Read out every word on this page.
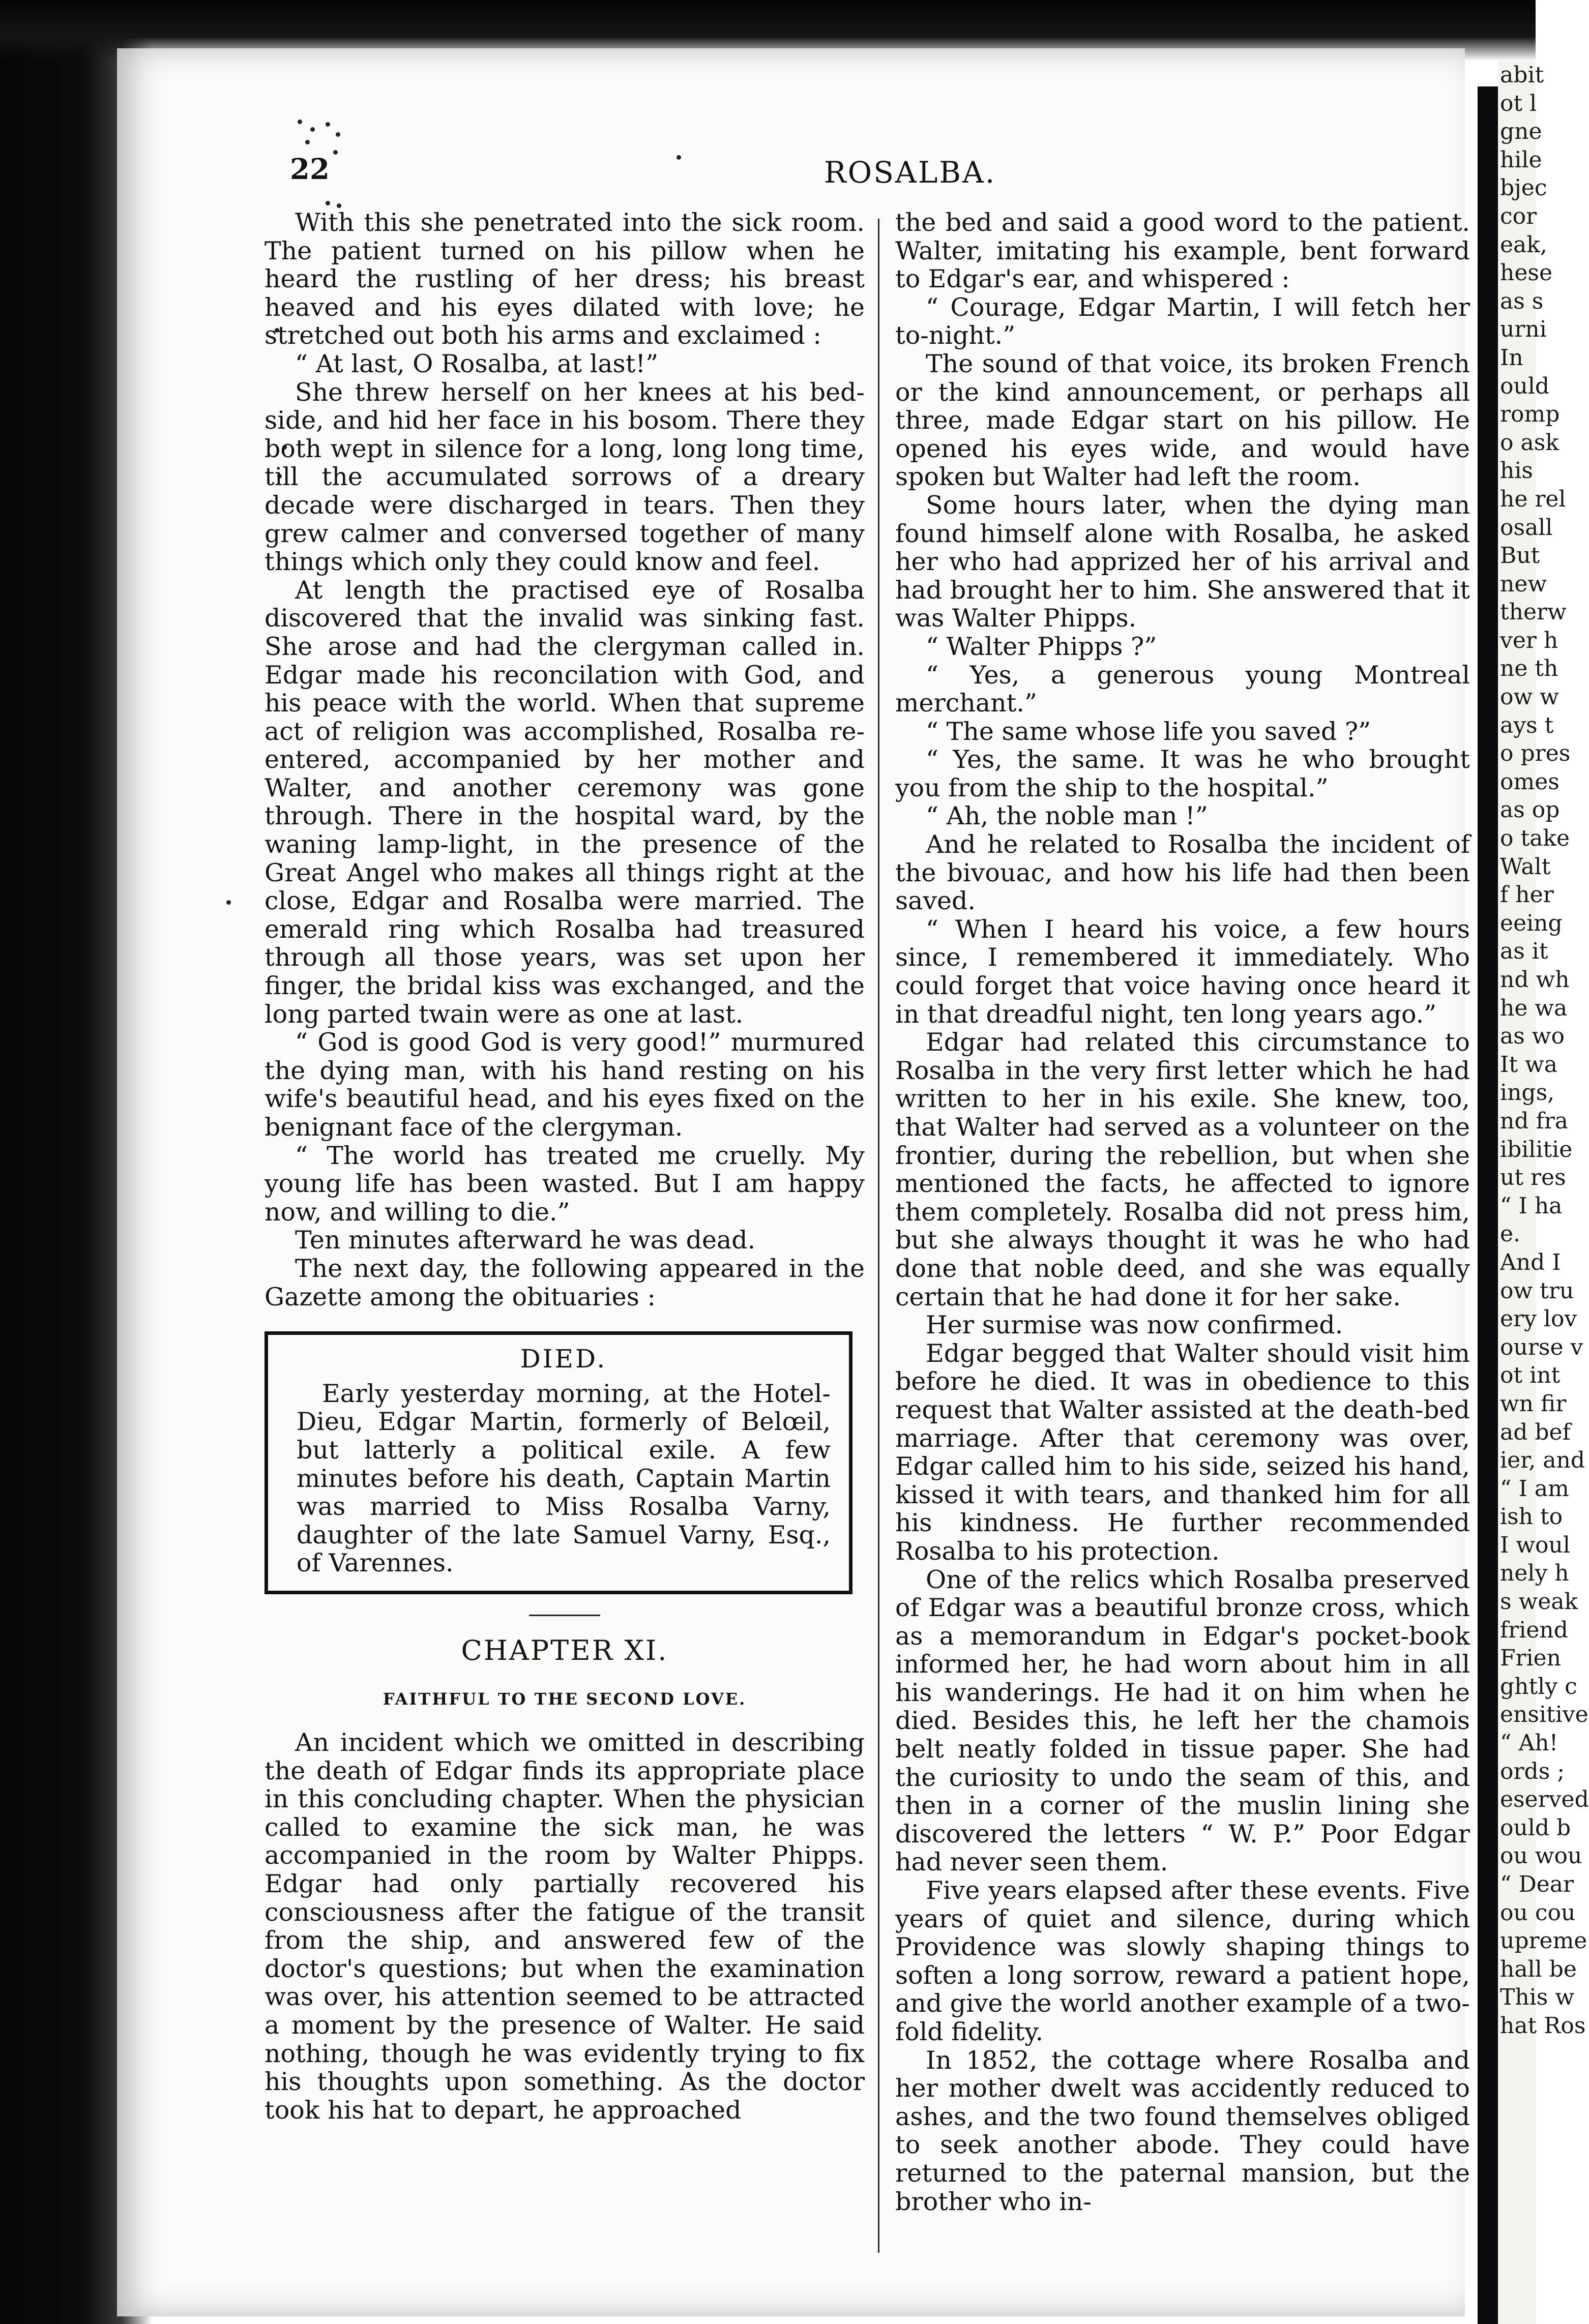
22	ROSALBA.

With this she penetrated into the sick room. The patient turned on his pillow when he heard the rustling of her dress; his breast heaved and his eyes dilated with love; he stretched out both his arms and exclaimed :

“ At last, O Rosalba, at last!”

She threw herself on her knees at his bed-side, and hid her face in his bosom. There they both wept in silence for a long, long long time, till the accumulated sorrows of a dreary decade were discharged in tears. Then they grew calmer and conversed together of many things which only they could know and feel.

At length the practised eye of Rosalba discovered that the invalid was sinking fast. She arose and had the clergyman called in. Edgar made his reconcilation with God, and his peace with the world. When that supreme act of religion was accomplished, Rosalba re-entered, accompanied by her mother and Walter, and another ceremony was gone through. There in the hospital ward, by the waning lamp-light, in the presence of the Great Angel who makes all things right at the close, Edgar and Rosalba were married. The emerald ring which Rosalba had treasured through all those years, was set upon her finger, the bridal kiss was exchanged, and the long parted twain were as one at last.

“ God is good God is very good!” murmured the dying man, with his hand resting on his wife's beautiful head, and his eyes fixed on the benignant face of the clergyman.

“ The world has treated me cruelly. My young life has been wasted. But I am happy now, and willing to die.”

Ten minutes afterward he was dead.

The next day, the following appeared in the Gazette among the obituaries :

DIED.
Early yesterday morning, at the Hotel-Dieu, Edgar Martin, formerly of Belœil, but latterly a political exile. A few minutes before his death, Captain Martin was married to Miss Rosalba Varny, daughter of the late Samuel Varny, Esq., of Varennes.
CHAPTER XI.
FAITHFUL TO THE SECOND LOVE.

An incident which we omitted in describing the death of Edgar finds its appropriate place in this concluding chapter. When the physician called to examine the sick man, he was accompanied in the room by Walter Phipps. Edgar had only partially recovered his consciousness after the fatigue of the transit from the ship, and answered few of the doctor's questions; but when the examination was over, his attention seemed to be attracted a moment by the presence of Walter. He said nothing, though he was evidently trying to fix his thoughts upon something. As the doctor took his hat to depart, he approached

the bed and said a good word to the patient. Walter, imitating his example, bent forward to Edgar's ear, and whispered :

“ Courage, Edgar Martin, I will fetch her to-night.”

The sound of that voice, its broken French or the kind announcement, or perhaps all three, made Edgar start on his pillow. He opened his eyes wide, and would have spoken but Walter had left the room.

Some hours later, when the dying man found himself alone with Rosalba, he asked her who had apprized her of his arrival and had brought her to him. She answered that it was Walter Phipps.

“ Walter Phipps ?”

“ Yes, a generous young Montreal merchant.”

“ The same whose life you saved ?”

“ Yes, the same. It was he who brought you from the ship to the hospital.”

“ Ah, the noble man !”

And he related to Rosalba the incident of the bivouac, and how his life had then been saved.

“ When I heard his voice, a few hours since, I remembered it immediately. Who could forget that voice having once heard it in that dreadful night, ten long years ago.”

Edgar had related this circumstance to Rosalba in the very first letter which he had written to her in his exile. She knew, too, that Walter had served as a volunteer on the frontier, during the rebellion, but when she mentioned the facts, he affected to ignore them completely. Rosalba did not press him, but she always thought it was he who had done that noble deed, and she was equally certain that he had done it for her sake.

Her surmise was now confirmed.

Edgar begged that Walter should visit him before he died. It was in obedience to this request that Walter assisted at the death-bed marriage. After that ceremony was over, Edgar called him to his side, seized his hand, kissed it with tears, and thanked him for all his kindness. He further recommended Rosalba to his protection.

One of the relics which Rosalba preserved of Edgar was a beautiful bronze cross, which as a memorandum in Edgar's pocket-book informed her, he had worn about him in all his wanderings. He had it on him when he died. Besides this, he left her the chamois belt neatly folded in tissue paper. She had the curiosity to undo the seam of this, and then in a corner of the muslin lining she discovered the letters “ W. P.” Poor Edgar had never seen them.

Five years elapsed after these events. Five years of quiet and silence, during which Providence was slowly shaping things to soften a long sorrow, reward a patient hope, and give the world another example of a two-fold fidelity.

In 1852, the cottage where Rosalba and her mother dwelt was accidently reduced to ashes, and the two found themselves obliged to seek another abode. They could have returned to the paternal mansion, but the brother who in-

abit
ot l
gne
hile
bjec
cor
eak,
hese
as s
urni
In
ould
romp
o ask
his
he rel
osall
But
new
therw
ver h
ne th
ow w
ays t
o pres
omes
as op
o take
Walt
f her
eeing
as it
nd wh
he wa
as wo
It wa
ings,
nd fra
ibilitie
ut res
“ I ha
e.
And I
ow tru
ery lov
ourse v
ot int
wn fir
ad bef
ier, and
“ I am
ish to
I woul
nely h
s weak
friend
Frien
ghtly c
ensitive
“ Ah!
ords ;
eserved
ould b
ou wou
“ Dear
ou cou
upreme
hall be
This w
hat Ros
